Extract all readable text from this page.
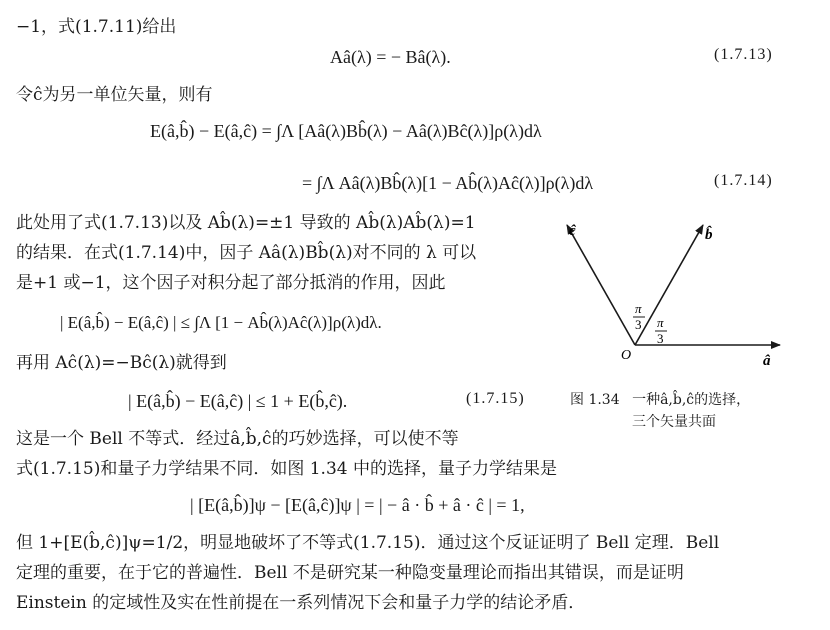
−1，式(1.7.11)给出
Aâ(λ) = − Bâ(λ).	(1.7.13)
令ĉ为另一单位矢量，则有
E(â,b̂) − E(â,ĉ) = ∫Λ [Aâ(λ)Bb̂(λ) − Aâ(λ)Bĉ(λ)]ρ(λ)dλ
= ∫Λ Aâ(λ)Bb̂(λ)[1 − Ab̂(λ)Aĉ(λ)]ρ(λ)dλ	(1.7.14)
此处用了式(1.7.13)以及 Ab̂(λ)=±1 导致的 Ab̂(λ)Ab̂(λ)=1
的结果．在式(1.7.14)中，因子 Aâ(λ)Bb̂(λ)对不同的 λ 可以
是+1 或−1，这个因子对积分起了部分抵消的作用，因此
| E(â,b̂) − E(â,ĉ) | ≤ ∫Λ [1 − Ab̂(λ)Aĉ(λ)]ρ(λ)dλ.
再用 Aĉ(λ)=−Bĉ(λ)就得到
| E(â,b̂) − E(â,ĉ) | ≤ 1 + E(b̂,ĉ).	(1.7.15)
这是一个 Bell 不等式．经过â,b̂,ĉ的巧妙选择，可以使不等
式(1.7.15)和量子力学结果不同．如图 1.34 中的选择，量子力学结果是
| [E(â,b̂)]ψ − [E(â,ĉ)]ψ | = | − â · b̂ + â · ĉ | = 1,
但 1+[E(b̂,ĉ)]ψ=1/2，明显地破坏了不等式(1.7.15)．通过这个反证证明了 Bell 定理．Bell
定理的重要，在于它的普遍性．Bell 不是研究某一种隐变量理论而指出其错误，而是证明
Einstein 的定域性及实在性前提在一系列情况下会和量子力学的结论矛盾．
ĉ	b̂
â
O
π
3 π
3
图 1.34 一种â,b̂,ĉ的选择，
三个矢量共面
